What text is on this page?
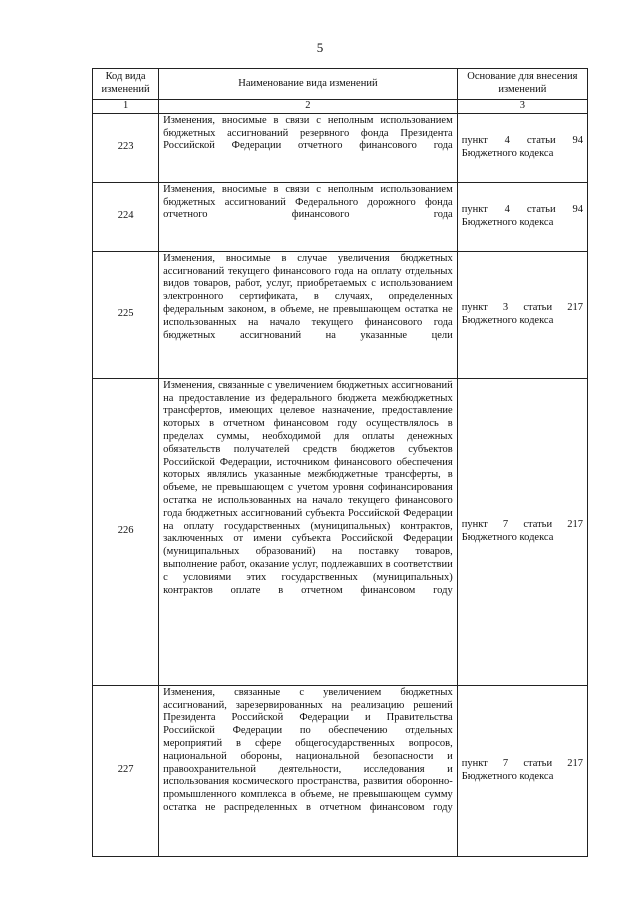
5
Код вида изменений	Наименование вида изменений	Основание для внесения изменений
1	2	3
223	Изменения, вносимые в связи с неполным использованием бюджетных ассигнований резервного фонда Президента Российской Федерации отчетного финансового года	пункт 4 статьи 94
Бюджетного кодекса
224	Изменения, вносимые в связи с неполным использованием бюджетных ассигнований Федерального дорожного фонда отчетного финансового года	пункт 4 статьи 94
Бюджетного кодекса
225	Изменения, вносимые в случае увеличения бюджетных ассигнований текущего финансового года на оплату отдельных видов товаров, работ, услуг, приобретаемых с использованием электронного сертификата, в случаях, определенных федеральным законом, в объеме, не превышающем остатка не использованных на начало текущего финансового года бюджетных ассигнований на указанные цели	пункт 3 статьи 217
Бюджетного кодекса
226	Изменения, связанные с увеличением бюджетных ассигнований на предоставление из федерального бюджета межбюджетных трансфертов, имеющих целевое назначение, предоставление которых в отчетном финансовом году осуществлялось в пределах суммы, необходимой для оплаты денежных обязательств получателей средств бюджетов субъектов Российской Федерации, источником финансового обеспечения которых являлись указанные межбюджетные трансферты, в объеме, не превышающем с учетом уровня софинансирования остатка не использованных на начало текущего финансового года бюджетных ассигнований субъекта Российской Федерации на оплату государственных (муниципальных) контрактов, заключенных от имени субъекта Российской Федерации (муниципальных образований) на поставку товаров, выполнение работ, оказание услуг, подлежавших в соответствии с условиями этих государственных (муниципальных) контрактов оплате в отчетном финансовом году	пункт 7 статьи 217
Бюджетного кодекса
227	Изменения, связанные с увеличением бюджетных ассигнований, зарезервированных на реализацию решений Президента Российской Федерации и Правительства Российской Федерации по обеспечению отдельных мероприятий в сфере общегосударственных вопросов, национальной обороны, национальной безопасности и правоохранительной деятельности, исследования и использования космического пространства, развития оборонно-промышленного комплекса в объеме, не превышающем сумму остатка не распределенных в отчетном финансовом году	пункт 7 статьи 217
Бюджетного кодекса
